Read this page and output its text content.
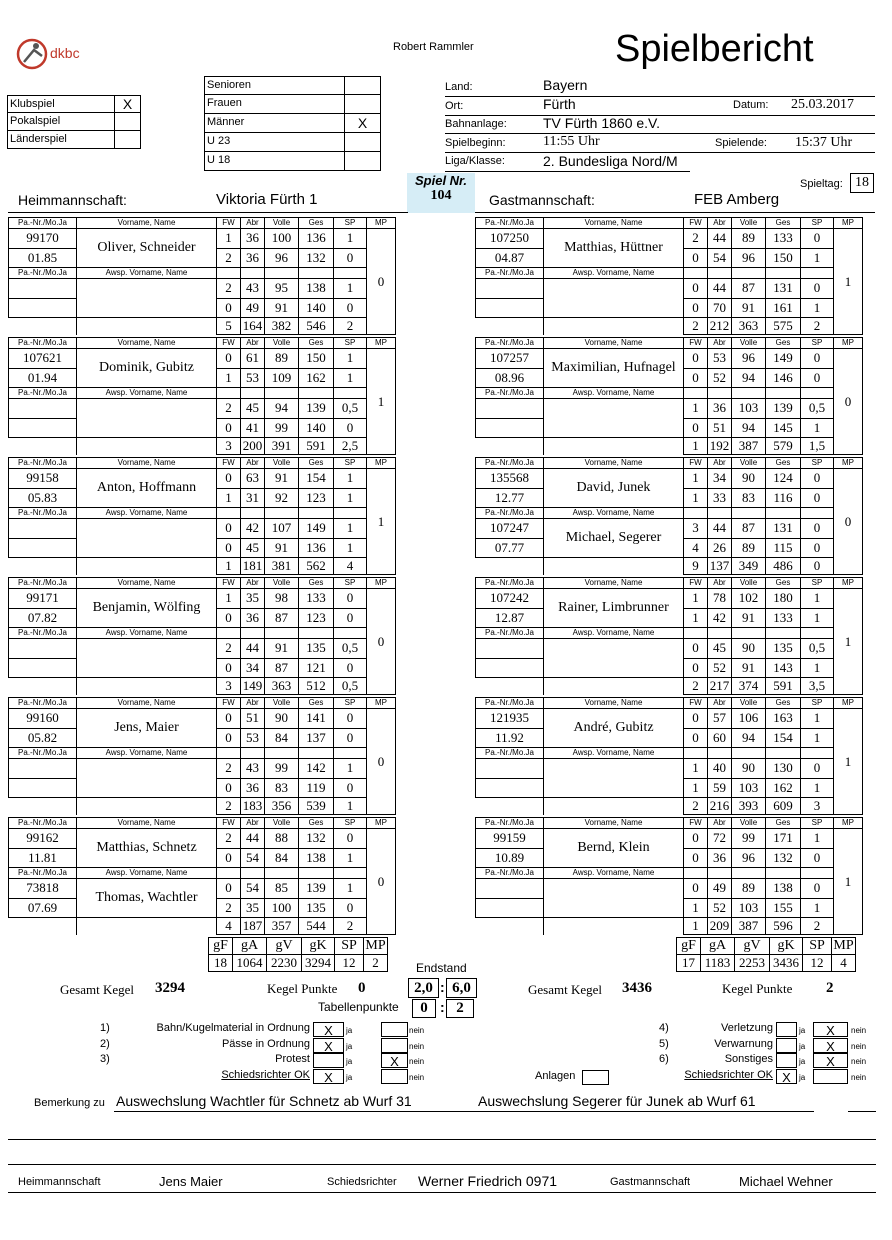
dkbc	Robert Rammler	Spielbericht
Klubspiel	X
Pokalspiel
Länderspiel
Senioren
Frauen
Männer	X
U 23
U 18
Land:	Bayern
Ort:	Fürth	Datum: 25.03.2017
Bahnanlage:	TV Fürth 1860 e.V.
Spielbeginn:	11:55 Uhr	Spielende: 15:37 Uhr
Liga/Klasse:	2. Bundesliga Nord/M
Spiel Nr.
104
Spieltag: 18
Heimmannschaft:	Viktoria Fürth 1	Gastmannschaft:	FEB Amberg
Pa.-Nr./Mo.Ja	Vorname, Name	FW	Abr	Volle	Ges	SP	MP
99170	Oliver, Schneider	1	36	100	136	1	0
01.85		2	36	96	132	0	
Pa.-Nr./Mo.Ja	Awsp. Vorname, Name						
		2	43	95	138	1	
		0	49	91	140	0	
		5	164	382	546	2	
Pa.-Nr./Mo.Ja	Vorname, Name	FW	Abr	Volle	Ges	SP	MP
107621	Dominik, Gubitz	0	61	89	150	1	1
01.94		1	53	109	162	1	
Pa.-Nr./Mo.Ja	Awsp. Vorname, Name						
		2	45	94	139	0,5	
		0	41	99	140	0	
		3	200	391	591	2,5	
Pa.-Nr./Mo.Ja	Vorname, Name	FW	Abr	Volle	Ges	SP	MP
99158	Anton, Hoffmann	0	63	91	154	1	1
05.83		1	31	92	123	1	
Pa.-Nr./Mo.Ja	Awsp. Vorname, Name						
		0	42	107	149	1	
		0	45	91	136	1	
		1	181	381	562	4	
Pa.-Nr./Mo.Ja	Vorname, Name	FW	Abr	Volle	Ges	SP	MP
99171	Benjamin, Wölfing	1	35	98	133	0	0
07.82		0	36	87	123	0	
Pa.-Nr./Mo.Ja	Awsp. Vorname, Name						
		2	44	91	135	0,5	
		0	34	87	121	0	
		3	149	363	512	0,5	
Pa.-Nr./Mo.Ja	Vorname, Name	FW	Abr	Volle	Ges	SP	MP
99160	Jens, Maier	0	51	90	141	0	0
05.82		0	53	84	137	0	
Pa.-Nr./Mo.Ja	Awsp. Vorname, Name						
		2	43	99	142	1	
		0	36	83	119	0	
		2	183	356	539	1	
Pa.-Nr./Mo.Ja	Vorname, Name	FW	Abr	Volle	Ges	SP	MP
99162	Matthias, Schnetz	2	44	88	132	0	0
11.81		0	54	84	138	1	
Pa.-Nr./Mo.Ja	Awsp. Vorname, Name						
73818	Thomas, Wachtler	0	54	85	139	1	
07.69		2	35	100	135	0	
		4	187	357	544	2	
Pa.-Nr./Mo.Ja	Vorname, Name	FW	Abr	Volle	Ges	SP	MP
107250	Matthias, Hüttner	2	44	89	133	0	1
04.87		0	54	96	150	1	
Pa.-Nr./Mo.Ja	Awsp. Vorname, Name						
		0	44	87	131	0	
		0	70	91	161	1	
		2	212	363	575	2	
Pa.-Nr./Mo.Ja	Vorname, Name	FW	Abr	Volle	Ges	SP	MP
107257	Maximilian, Hufnagel	0	53	96	149	0	0
08.96		0	52	94	146	0	
Pa.-Nr./Mo.Ja	Awsp. Vorname, Name						
		1	36	103	139	0,5	
		0	51	94	145	1	
		1	192	387	579	1,5	
Pa.-Nr./Mo.Ja	Vorname, Name	FW	Abr	Volle	Ges	SP	MP
135568	David, Junek	1	34	90	124	0	0
12.77		1	33	83	116	0	
Pa.-Nr./Mo.Ja	Awsp. Vorname, Name						
107247	Michael, Segerer	3	44	87	131	0	
07.77		4	26	89	115	0	
		9	137	349	486	0	
Pa.-Nr./Mo.Ja	Vorname, Name	FW	Abr	Volle	Ges	SP	MP
107242	Rainer, Limbrunner	1	78	102	180	1	1
12.87		1	42	91	133	1	
Pa.-Nr./Mo.Ja	Awsp. Vorname, Name						
		0	45	90	135	0,5	
		0	52	91	143	1	
		2	217	374	591	3,5	
Pa.-Nr./Mo.Ja	Vorname, Name	FW	Abr	Volle	Ges	SP	MP
121935	André, Gubitz	0	57	106	163	1	1
11.92		0	60	94	154	1	
Pa.-Nr./Mo.Ja	Awsp. Vorname, Name						
		1	40	90	130	0	
		1	59	103	162	1	
		2	216	393	609	3	
Pa.-Nr./Mo.Ja	Vorname, Name	FW	Abr	Volle	Ges	SP	MP
99159	Bernd, Klein	0	72	99	171	1	1
10.89		0	36	96	132	0	
Pa.-Nr./Mo.Ja	Awsp. Vorname, Name						
		0	49	89	138	0	
		1	52	103	155	1	
		1	209	387	596	2	
gF	gA	gV	gK	SP	MP
18	1064	2230	3294	12	2
gF	gA	gV	gK	SP	MP
17	1183	2253	3436	12	4
Endstand
2,0 : 6,0
Tabellenpunkte	0 : 2
Gesamt Kegel 3294	Kegel Punkte 0	Gesamt Kegel 3436	Kegel Punkte 2
1)	Bahn/Kugelmaterial in Ordnung	X	ja	nein
2)	Pässe in Ordnung	X	ja	nein
3)	Protest	ja	X	nein
Schiedsrichter OK	X	ja	nein
4)	Verletzung	ja	X	nein
5)	Verwarnung	ja	X	nein
6)	Sonstiges	ja	X	nein
Schiedsrichter OK X	ja	nein
Anlagen
Bemerkung zu Auswechslung Wachtler für Schnetz ab Wurf 31	Auswechslung Segerer für Junek ab Wurf 61
Heimmannschaft	Jens Maier	Schiedsrichter Werner Friedrich 0971	Gastmannschaft	Michael Wehner
